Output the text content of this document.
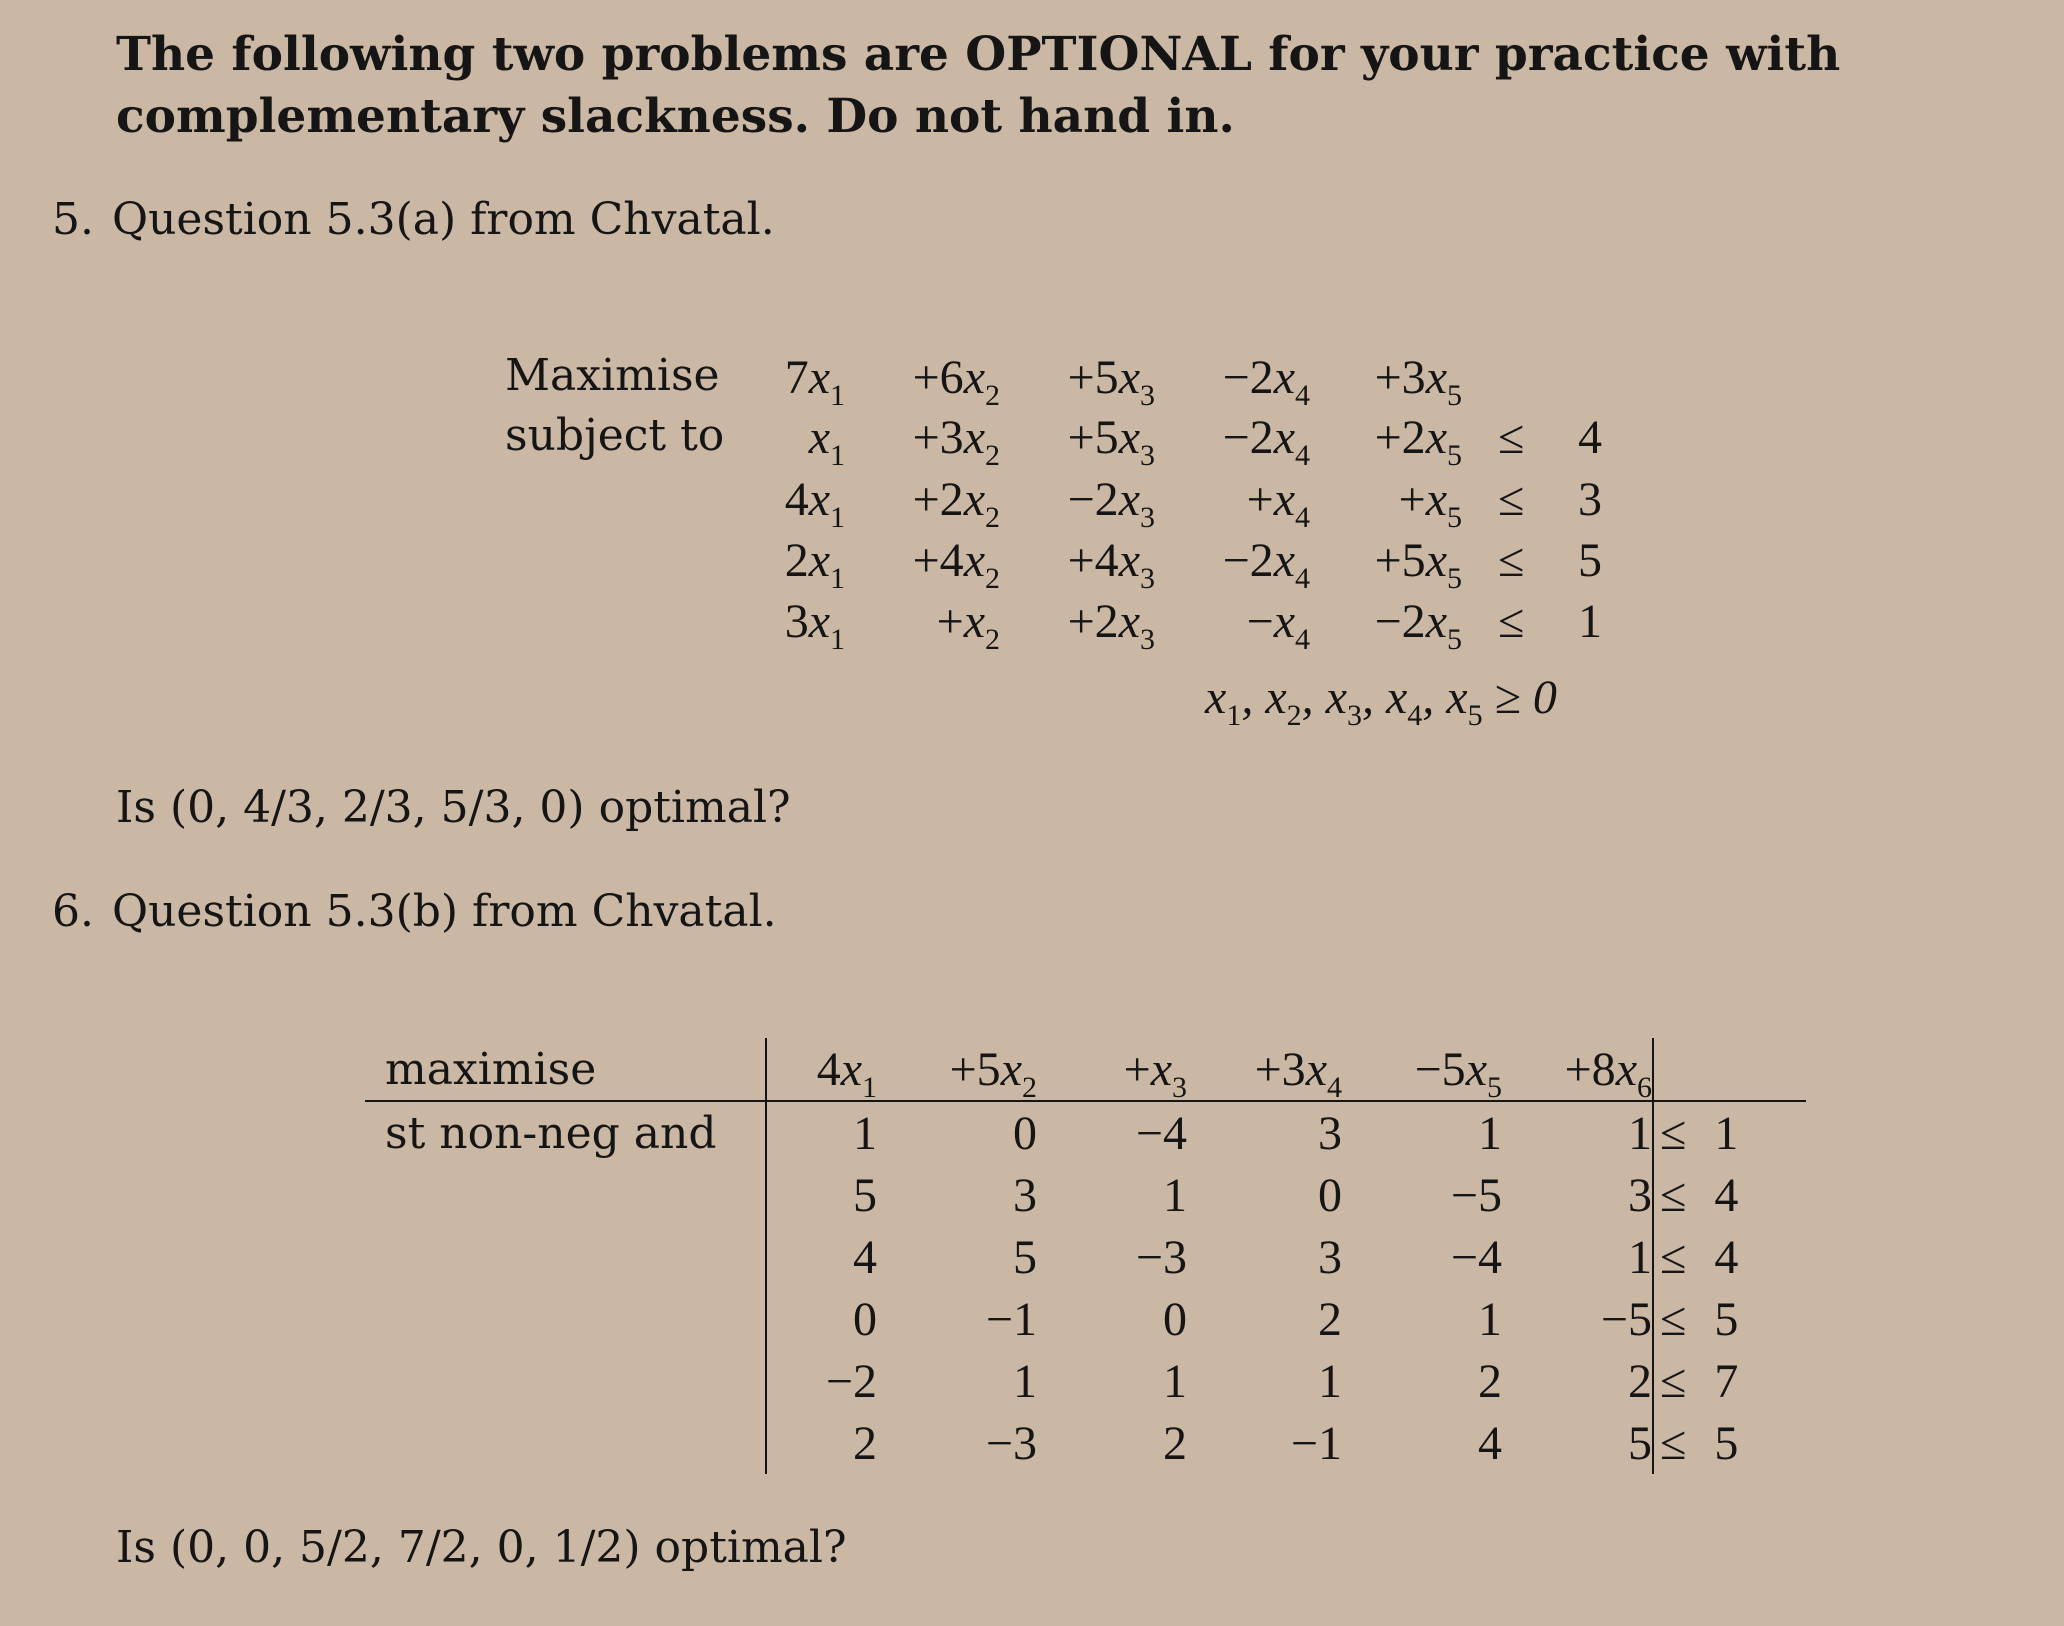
The following two problems are OPTIONAL for your practice with complementary slackness. Do not hand in.
5. Question 5.3(a) from Chvatal.
Maximise
subject to
$7x_1 +6x_2 +5x_3 -2x_4 +3x_5$
$x_1 +3x_2 +5x_3 -2x_4 +2x_5 \le 4$
$4x_1 +2x_2 -2x_3 +x_4 +x_5 \le 3$
$2x_1 +4x_2 +4x_3 -2x_4 +5x_5 \le 5$
$3x_1 +x_2 +2x_3 -x_4 -2x_5 \le 1$
$x_1$, $x_2$, $x_3$, $x_4$, $x_5 \ge 0$
Is (0, 4/3, 2/3, 5/3, 0) optimal?
6. Question 5.3(b) from Chvatal.
maximise	$4x_1$	$+5x_2$	$+x_3$	$+3x_4$	$-5x_5$	$+8x_6$		
st non-neg and	1	0	−4	3	1	1	≤	1
	5	3	1	0	−5	3	≤	4
	4	5	−3	3	−4	1	≤	4
	0	−1	0	2	1	−5	≤	5
	−2	1	1	1	2	2	≤	7
	2	−3	2	−1	4	5	≤	5
Is (0, 0, 5/2, 7/2, 0, 1/2) optimal?
